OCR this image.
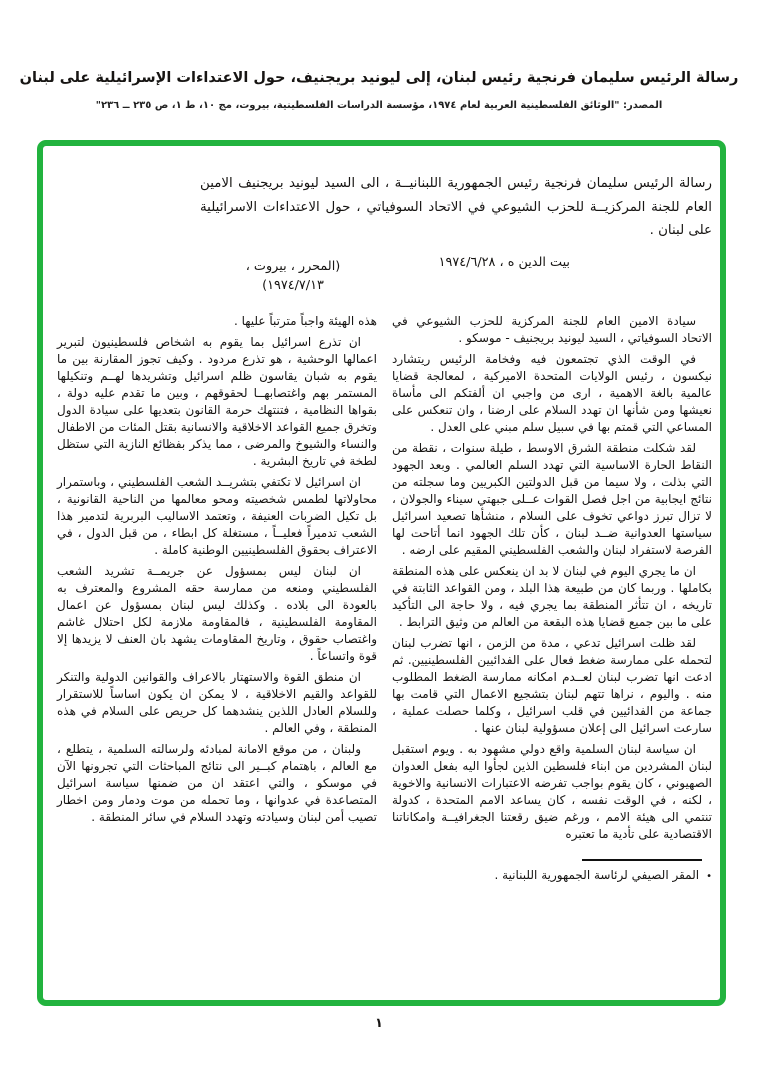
رسالة الرئيس سليمان فرنجية رئيس لبنان، إلى ليونيد بريجنيف، حول الاعتداءات الإسرائيلية على لبنان
المصدر: "الوثائق الفلسطينية العربية لعام ١٩٧٤، مؤسسة الدراسات الفلسطينية، بيروت، مج ١٠، ط ١، ص ٢٣٥ ــ ٢٣٦"
رسالة الرئيس سليمان فرنجية رئيس الجمهورية اللبنانيــة ، الى السيد ليونيد بريجنيف الامين العام للجنة المركزيــة للحزب الشيوعي في الاتحاد السوفياتي ، حول الاعتداءات الاسرائيلية على لبنان .
بيت الدين ه ، ١٩٧٤/٦/٢٨
(المحرر ، بيروت ، ١٩٧٤/٧/١٣)

سيادة الامين العام للجنة المركزية للحزب الشيوعي في الاتحاد السوفياتي ، السيد ليونيد بريجنيف - موسكو .

في الوقت الذي تجتمعون فيه وفخامة الرئيس ريتشارد نيكسون ، رئيس الولايات المتحدة الاميركية ، لمعالجة قضايا عالمية بالغة الاهمية ، ارى من واجبي ان ألفتكم الى مأساة نعيشها ومن شأنها ان تهدد السلام على ارضنا ، وان تنعكس على المساعي التي قمتم بها في سبيل سلم مبني على العدل .

لقد شكلت منطقة الشرق الاوسط ، طيلة سنوات ، نقطة من النقاط الحارة الاساسية التي تهدد السلم العالمي . وبعد الجهود التي بذلت ، ولا سيما من قبل الدولتين الكبريين وما سجلته من نتائج ايجابية من اجل فصل القوات عــلى جبهتي سيناء والجولان ، لا تزال تبرز دواعي تخوف على السلام ، منشأها تصعيد اسرائيل سياستها العدوانية ضــد لبنان ، كأن تلك الجهود انما أتاحت لها الفرصة لاستفراد لبنان والشعب الفلسطيني المقيم على ارضه .

ان ما يجري اليوم في لبنان لا بد ان ينعكس على هذه المنطقة بكاملها . وربما كان من طبيعة هذا البلد ، ومن القواعد الثابتة في تاريخه ، ان تتأثر المنطقة بما يجري فيه ، ولا حاجة الى التأكيد على ما بين جميع قضايا هذه البقعة من العالم من وثيق الترابط .

لقد ظلت اسرائيل تدعي ، مدة من الزمن ، انها تضرب لبنان لتحمله على ممارسة ضغط فعال على الفدائيين الفلسطينيين. ثم ادعت انها تضرب لبنان لعــدم امكانه ممارسة الضغط المطلوب منه . واليوم ، نراها تتهم لبنان بتشجيع الاعمال التي قامت بها جماعة من الفدائيين في قلب اسرائيل ، وكلما حصلت عملية ، سارعت اسرائيل الى إعلان مسؤولية لبنان عنها .

ان سياسة لبنان السلمية واقع دولي مشهود به . ويوم استقبل لبنان المشردين من ابناء فلسطين الذين لجأوا اليه بفعل العدوان الصهيوني ، كان يقوم بواجب تفرضه الاعتبارات الانسانية والاخوية ، لكنه ، في الوقت نفسه ، كان يساعد الامم المتحدة ، كدولة تنتمي الى هيئة الامم ، ورغم ضيق رقعتنا الجغرافيــة وامكاناتنا الاقتصادية على تأدية ما تعتبره

•المقر الصيفي لرئاسة الجمهورية اللبنانية .

هذه الهيئة واجباً مترتباً عليها .

ان تذرع اسرائيل بما يقوم به اشخاص فلسطينيون لتبرير اعمالها الوحشية ، هو تذرع مردود . وكيف تجوز المقارنة بين ما يقوم به شبان يقاسون ظلم اسرائيل وتشريدها لهــم وتنكيلها المستمر بهم واغتصابهــا لحقوقهم ، وبين ما تقدم عليه دولة ، بقواها النظامية ، فتنتهك حرمة القانون بتعديها على سيادة الدول وتخرق جميع القواعد الاخلاقية والانسانية بقتل المئات من الاطفال والنساء والشيوخ والمرضى ، مما يذكر بفظائع النازية التي ستظل لطخة في تاريخ البشرية .

ان اسرائيل لا تكتفي بتشريــد الشعب الفلسطيني ، وباستمرار محاولاتها لطمس شخصيته ومحو معالمها من الناحية القانونية ، بل تكيل الضربات العنيفة ، وتعتمد الاساليب البربرية لتدمير هذا الشعب تدميراً فعليــاً ، مستغلة كل ابطاء ، من قبل الدول ، في الاعتراف بحقوق الفلسطينيين الوطنية كاملة .

ان لبنان ليس بمسؤول عن جريمــة تشريد الشعب الفلسطيني ومنعه من ممارسة حقه المشروع والمعترف به بالعودة الى بلاده . وكذلك ليس لبنان بمسؤول عن اعمال المقاومة الفلسطينية ، فالمقاومة ملازمة لكل احتلال غاشم واغتصاب حقوق ، وتاريخ المقاومات يشهد بان العنف لا يزيدها إلا قوة واتساعاً .

ان منطق القوة والاستهتار بالاعراف والقوانين الدولية والتنكر للقواعد والقيم الاخلاقية ، لا يمكن ان يكون اساساً للاستقرار وللسلام العادل اللذين ينشدهما كل حريص على السلام في هذه المنطقة ، وفي العالم .

ولبنان ، من موقع الامانة لمبادئه ولرسالته السلمية ، يتطلع ، مع العالم ، باهتمام كبــير الى نتائج المباحثات التي تجرونها الآن في موسكو ، والتي اعتقد ان من ضمنها سياسة اسرائيل المتصاعدة في عدوانها ، وما تحمله من موت ودمار ومن اخطار تصيب أمن لبنان وسيادته وتهدد السلام في سائر المنطقة .

١
